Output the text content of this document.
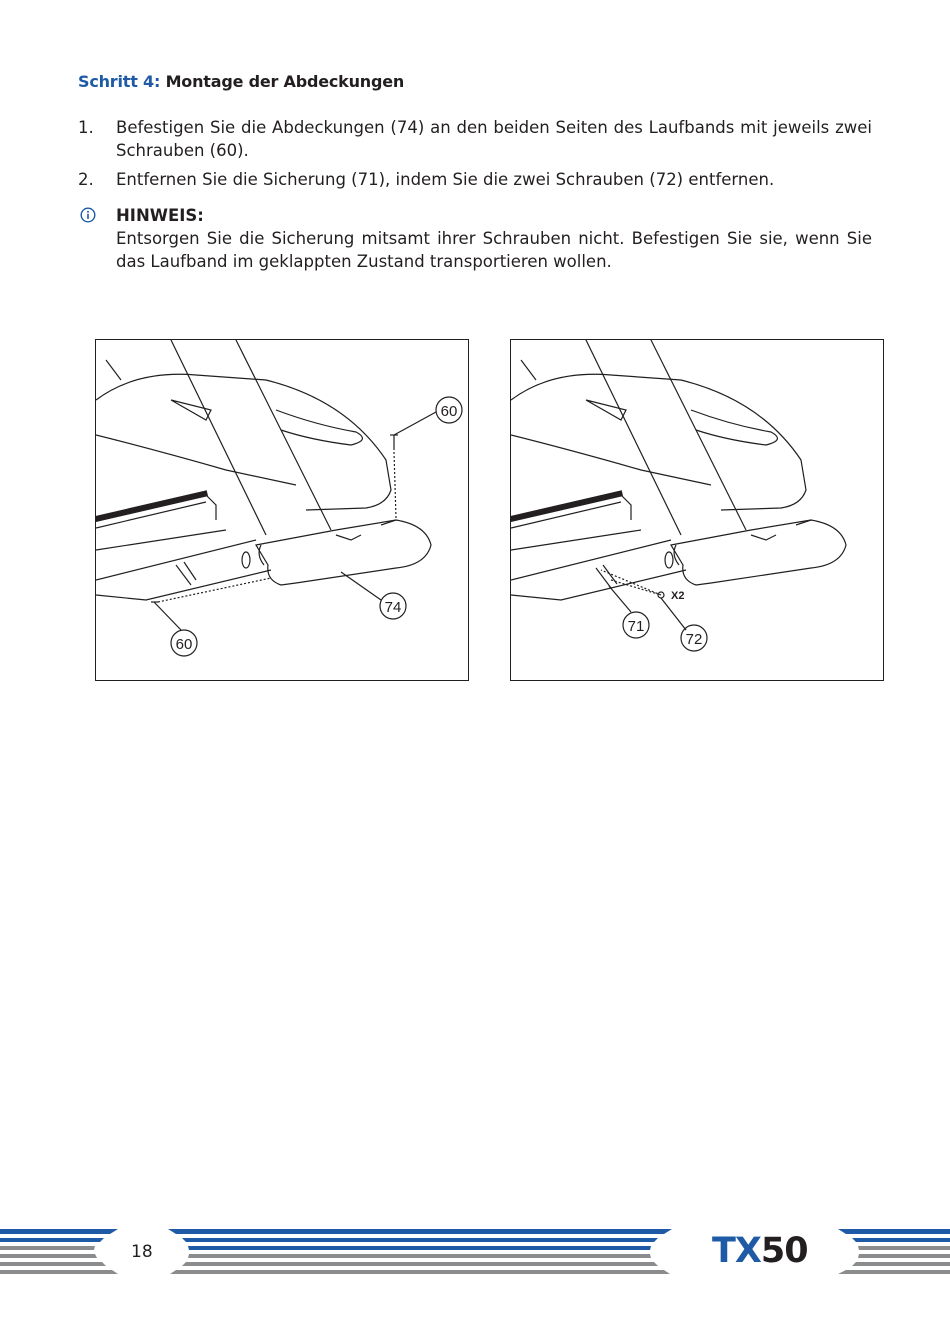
Schritt 4: Montage der Abdeckungen
1. Befestigen Sie die Abdeckungen (74) an den beiden Seiten des Laufbands mit jeweils zwei Schrauben (60).
2. Entfernen Sie die Sicherung (71), indem Sie die zwei Schrauben (72) entfernen.
HINWEIS:
Entsorgen Sie die Sicherung mitsamt ihrer Schrauben nicht. Befestigen Sie sie, wenn Sie das Laufband im geklappten Zustand transportieren wollen.
60
74
60
71
72
X2
18	TX50
